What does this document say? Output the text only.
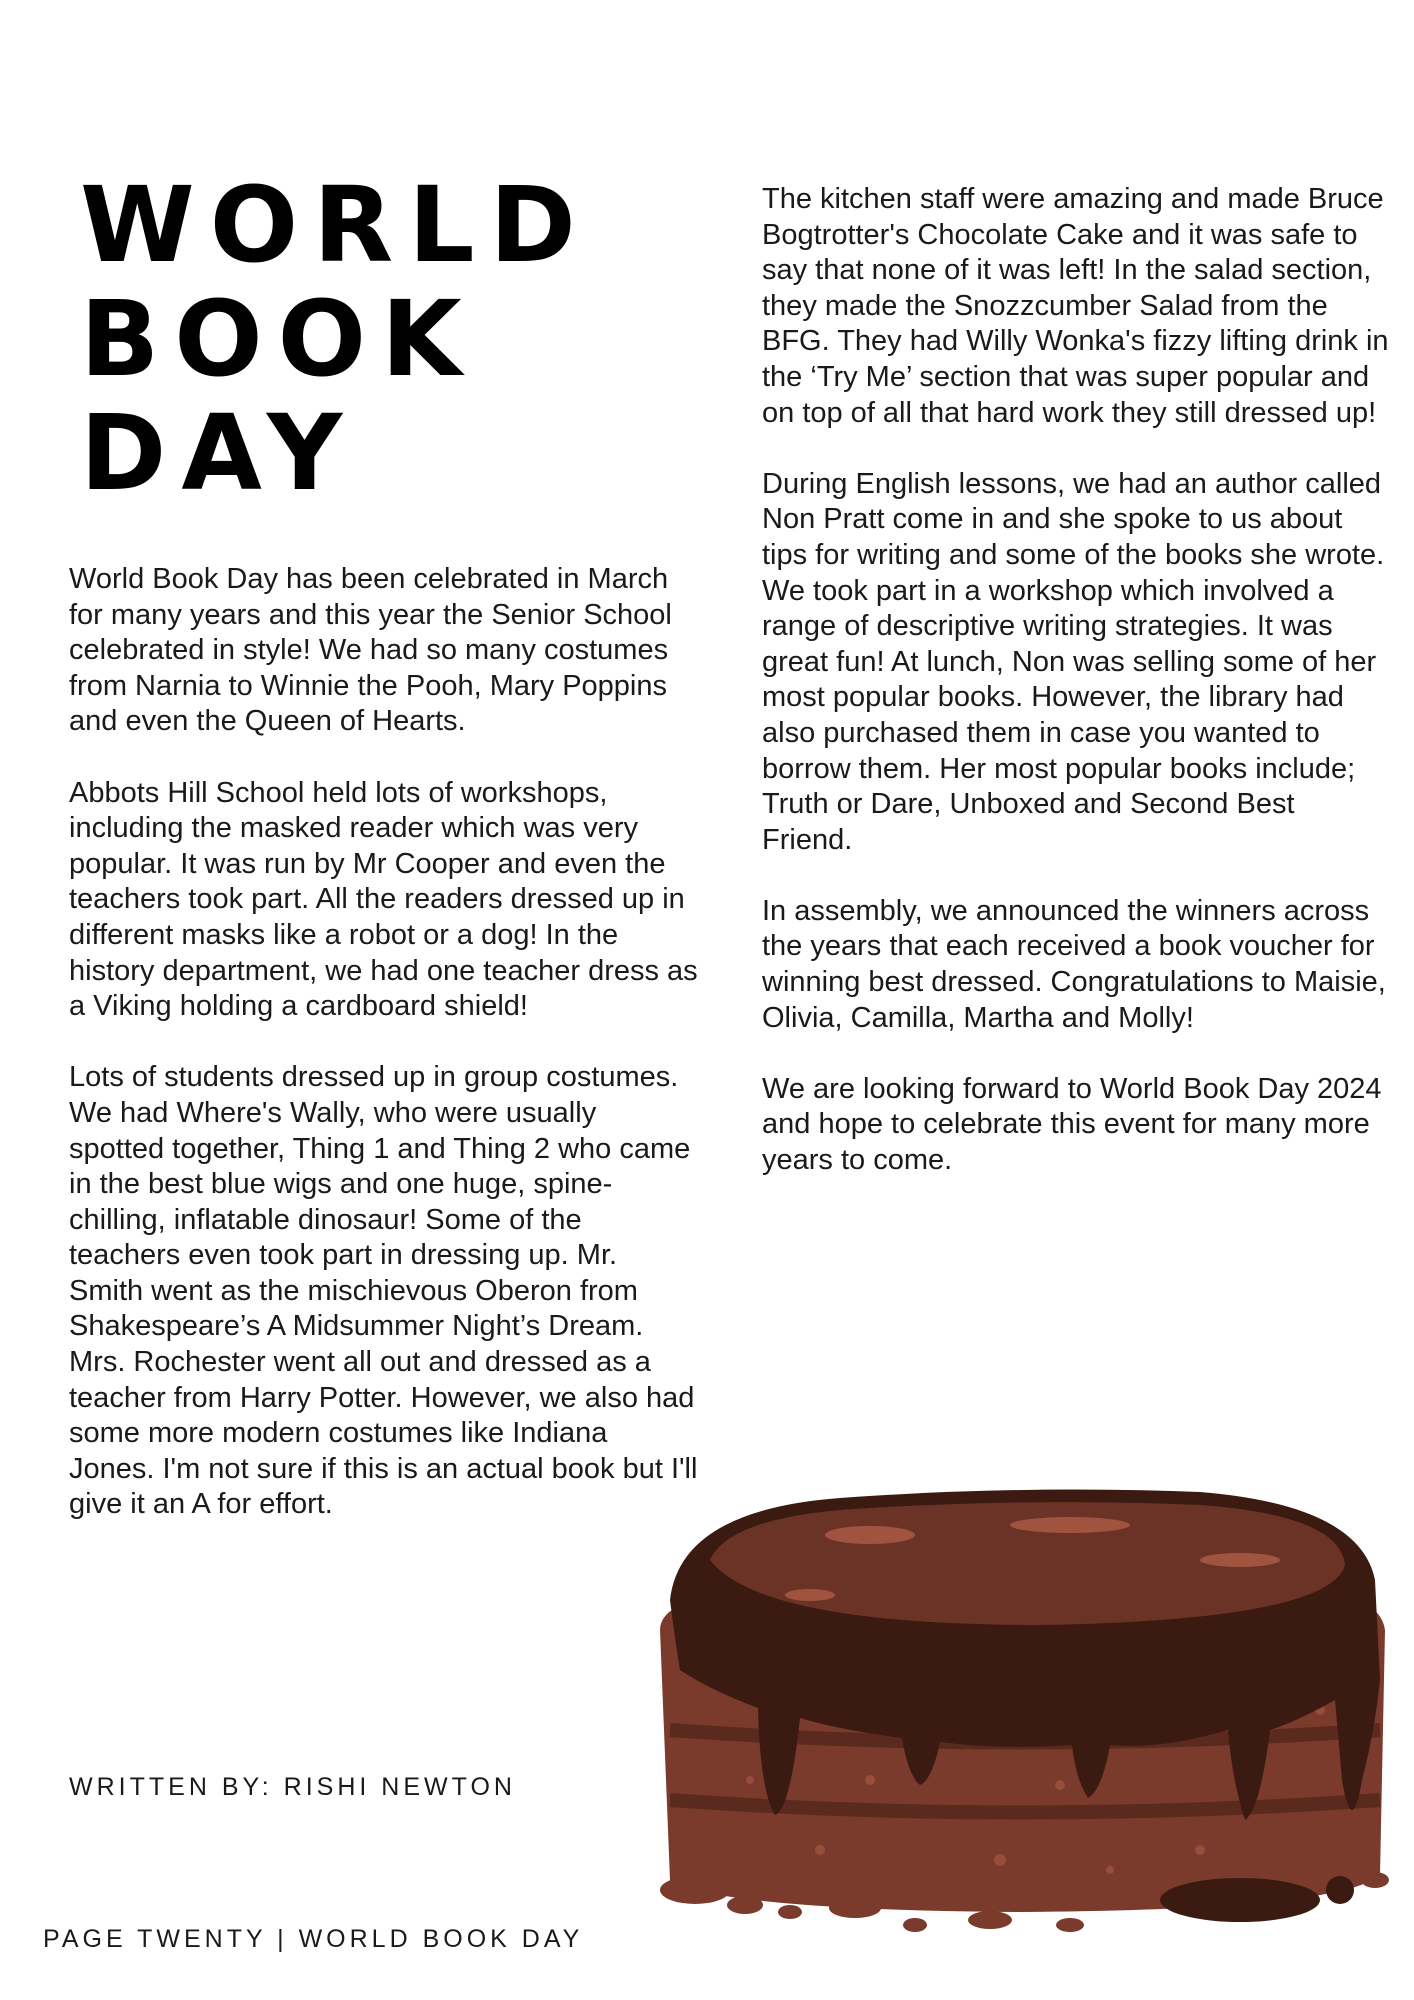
WORLD
BOOK
DAY

World Book Day has been celebrated in March for many years and this year the Senior School celebrated in style! We had so many costumes from Narnia to Winnie the Pooh, Mary Poppins and even the Queen of Hearts.

Abbots Hill School held lots of workshops, including the masked reader which was very popular. It was run by Mr Cooper and even the teachers took part. All the readers dressed up in different masks like a robot or a dog! In the history department, we had one teacher dress as a Viking holding a cardboard shield!

Lots of students dressed up in group costumes. We had Where's Wally, who were usually spotted together, Thing 1 and Thing 2 who came in the best blue wigs and one huge, spine-chilling, inflatable dinosaur! Some of the teachers even took part in dressing up. Mr. Smith went as the mischievous Oberon from Shakespeare’s A Midsummer Night’s Dream. Mrs. Rochester went all out and dressed as a teacher from Harry Potter. However, we also had some more modern costumes like Indiana Jones. I'm not sure if this is an actual book but I'll give it an A for effort.

The kitchen staff were amazing and made Bruce Bogtrotter's Chocolate Cake and it was safe to say that none of it was left! In the salad section, they made the Snozzcumber Salad from the BFG. They had Willy Wonka's fizzy lifting drink in the ‘Try Me’ section that was super popular and on top of all that hard work they still dressed up!

During English lessons, we had an author called Non Pratt come in and she spoke to us about tips for writing and some of the books she wrote. We took part in a workshop which involved a range of descriptive writing strategies. It was great fun! At lunch, Non was selling some of her most popular books. However, the library had also purchased them in case you wanted to borrow them. Her most popular books include; Truth or Dare, Unboxed and Second Best Friend.

In assembly, we announced the winners across the years that each received a book voucher for winning best dressed. Congratulations to Maisie, Olivia, Camilla, Martha and Molly!

We are looking forward to World Book Day 2024 and hope to celebrate this event for many more years to come.

WRITTEN BY: RISHI NEWTON

PAGE TWENTY | WORLD BOOK DAY
